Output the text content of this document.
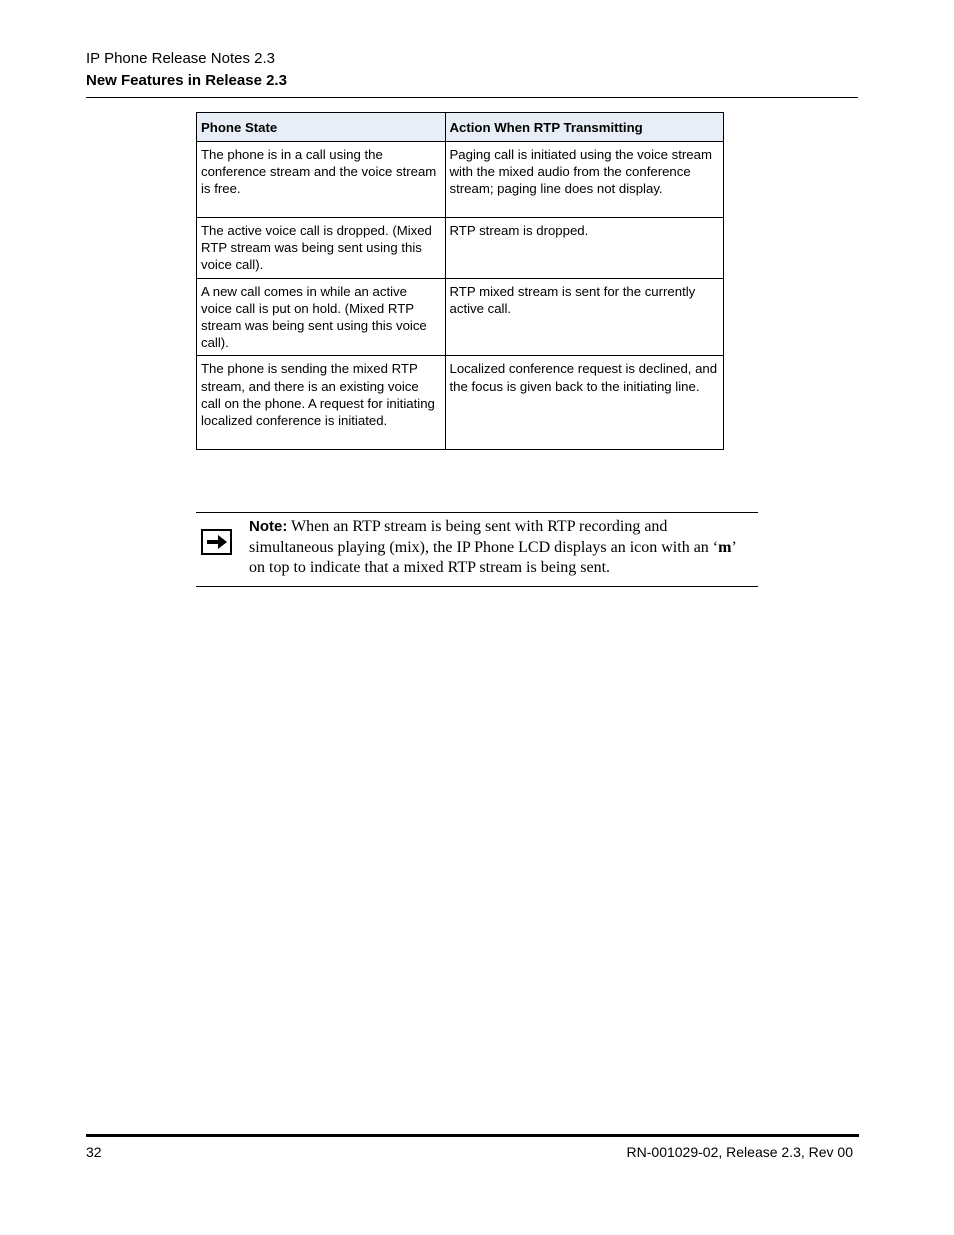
IP Phone Release Notes 2.3
New Features in Release 2.3
Phone State	Action When RTP Transmitting
The phone is in a call using the conference stream and the voice stream is free.	Paging call is initiated using the voice stream with the mixed audio from the conference stream; paging line does not display.
The active voice call is dropped. (Mixed RTP stream was being sent using this voice call).	RTP stream is dropped.
A new call comes in while an active voice call is put on hold. (Mixed RTP stream was being sent using this voice call).	RTP mixed stream is sent for the currently active call.
The phone is sending the mixed RTP stream, and there is an existing voice call on the phone. A request for initiating localized conference is initiated.	Localized conference request is declined, and the focus is given back to the initiating line.
Note: When an RTP stream is being sent with RTP recording and simultaneous playing (mix), the IP Phone LCD displays an icon with an ‘m’ on top to indicate that a mixed RTP stream is being sent.
32	RN-001029-02, Release 2.3, Rev 00
